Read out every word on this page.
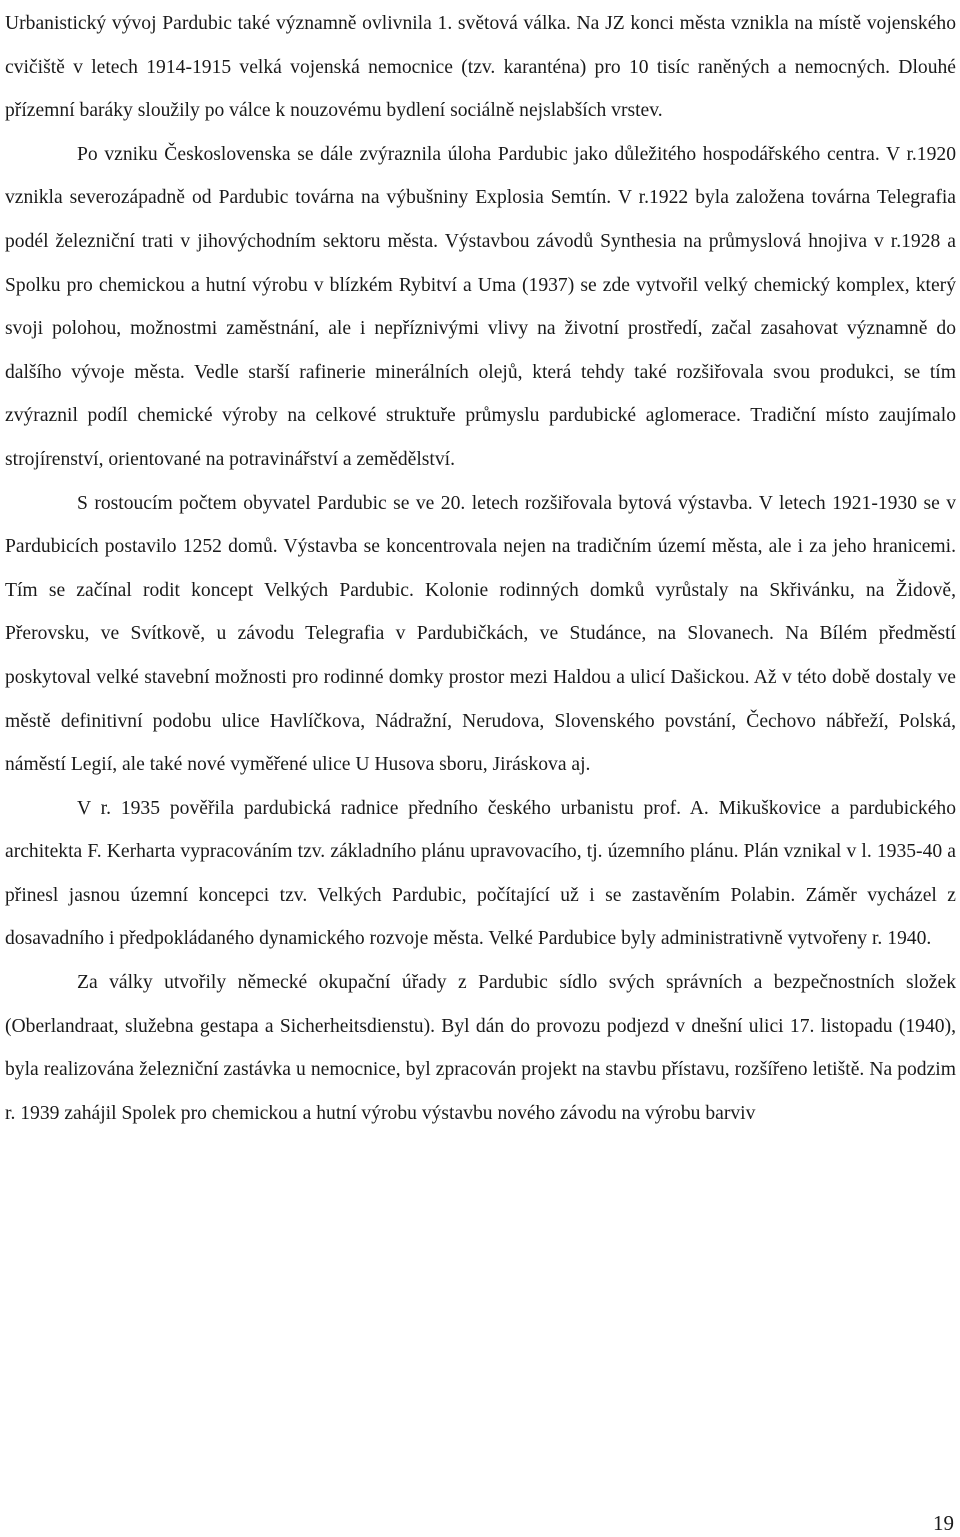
Urbanistický vývoj Pardubic také významně ovlivnila 1. světová válka. Na JZ konci města vznikla na místě vojenského cvičiště v letech 1914-1915 velká vojenská nemocnice (tzv. karanténa) pro 10 tisíc raněných a nemocných. Dlouhé přízemní baráky sloužily po válce k nouzovému bydlení sociálně nejslabších vrstev.

Po vzniku Československa se dále zvýraznila úloha Pardubic jako důležitého hospodářského centra. V r.1920 vznikla severozápadně od Pardubic továrna na výbušniny Explosia Semtín. V r.1922 byla založena továrna Telegrafia podél železniční trati v jihovýchodním sektoru města. Výstavbou závodů Synthesia na průmyslová hnojiva v r.1928 a Spolku pro chemickou a hutní výrobu v blízkém Rybitví a Uma (1937) se zde vytvořil velký chemický komplex, který svoji polohou, možnostmi zaměstnání, ale i nepříznivými vlivy na životní prostředí, začal zasahovat významně do dalšího vývoje města. Vedle starší rafinerie minerálních olejů, která tehdy také rozšiřovala svou produkci, se tím zvýraznil podíl chemické výroby na celkové struktuře průmyslu pardubické aglomerace. Tradiční místo zaujímalo strojírenství, orientované na potravinářství a zemědělství.

S rostoucím počtem obyvatel Pardubic se ve 20. letech rozšiřovala bytová výstavba. V letech 1921-1930 se v Pardubicích postavilo 1252 domů. Výstavba se koncentrovala nejen na tradičním území města, ale i za jeho hranicemi. Tím se začínal rodit koncept Velkých Pardubic. Kolonie rodinných domků vyrůstaly na Skřivánku, na Židově, Přerovsku, ve Svítkově, u závodu Telegrafia v Pardubičkách, ve Studánce, na Slovanech. Na Bílém předměstí poskytoval velké stavební možnosti pro rodinné domky prostor mezi Haldou a ulicí Dašickou. Až v této době dostaly ve městě definitivní podobu ulice Havlíčkova, Nádražní, Nerudova, Slovenského povstání, Čechovo nábřeží, Polská, náměstí Legií, ale také nové vyměřené ulice U Husova sboru, Jiráskova aj.

V r. 1935 pověřila pardubická radnice předního českého urbanistu prof. A. Mikuškovice a pardubického architekta F. Kerharta vypracováním tzv. základního plánu upravovacího, tj. územního plánu. Plán vznikal v l. 1935-40 a přinesl jasnou územní koncepci tzv. Velkých Pardubic, počítající už i se zastavěním Polabin. Záměr vycházel z dosavadního i předpokládaného dynamického rozvoje města. Velké Pardubice byly administrativně vytvořeny r. 1940.

Za války utvořily německé okupační úřady z Pardubic sídlo svých správních a bezpečnostních složek (Oberlandraat, služebna gestapa a Sicherheitsdienstu). Byl dán do provozu podjezd v dnešní ulici 17. listopadu (1940), byla realizována železniční zastávka u nemocnice, byl zpracován projekt na stavbu přístavu, rozšířeno letiště. Na podzim r. 1939 zahájil Spolek pro chemickou a hutní výrobu výstavbu nového závodu na výrobu barviv

19
